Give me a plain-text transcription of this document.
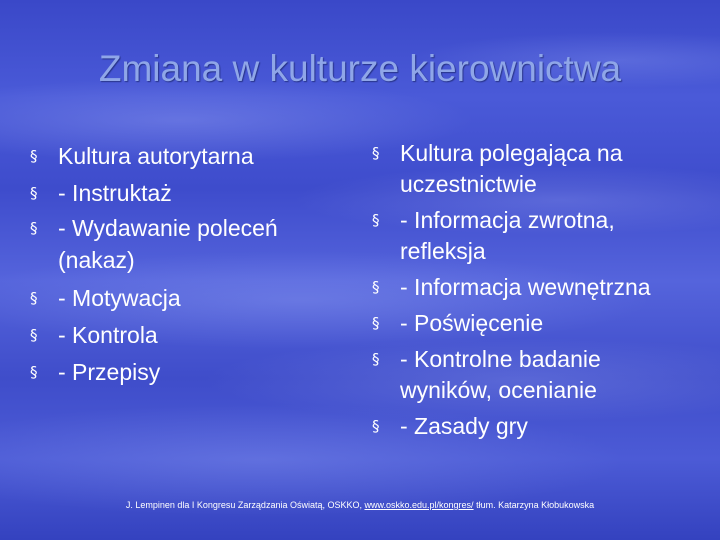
Zmiana w kulturze kierownictwa
§ Kultura autorytarna
§ - Instruktaż
§ - Wydawanie poleceń (nakaz)
§ - Motywacja
§ - Kontrola
§ - Przepisy
§ Kultura polegająca na uczestnictwie
§ - Informacja zwrotna, refleksja
§ - Informacja wewnętrzna
§ - Poświęcenie
§ - Kontrolne badanie wyników, ocenianie
§ - Zasady gry
J. Lempinen dla I Kongresu Zarządzania Oświatą, OSKKO, www.oskko.edu.pl/kongres/ tłum. Katarzyna Kłobukowska
